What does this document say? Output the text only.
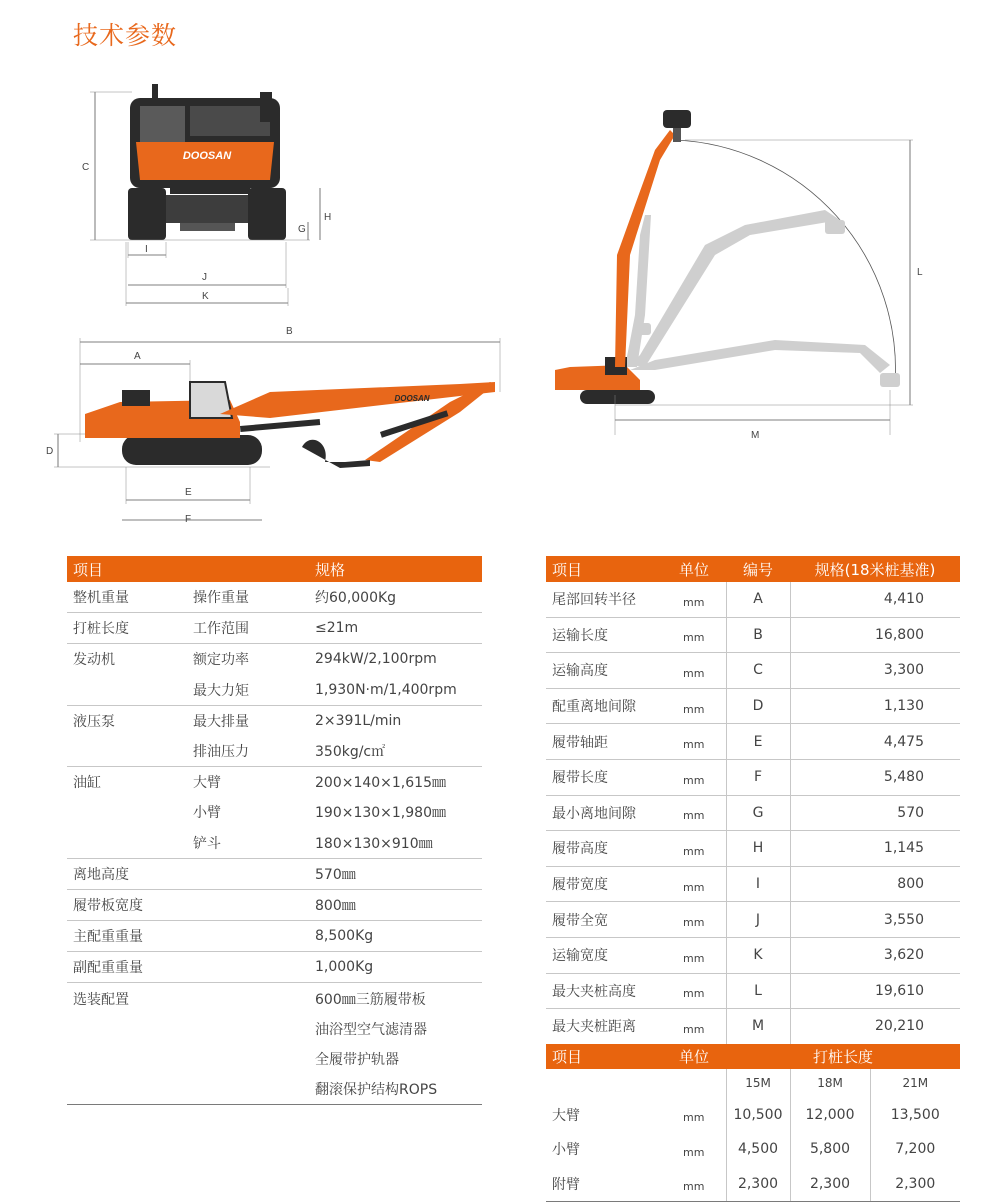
技术参数
DOOSAN
C
H
G
I
J
K
B
A
DOOSAN
D
E
F
L
M
项目		规格
整机重量	操作重量	约60,000Kg
打桩长度	工作范围	≤21m
发动机	额定功率	294kW/2,100rpm
	最大力矩	1,930N·m/1,400rpm
液压泵	最大排量	2×391L/min
	排油压力	350kg/c㎡
油缸	大臂	200×140×1,615㎜
	小臂	190×130×1,980㎜
	铲斗	180×130×910㎜
离地高度		570㎜
履带板宽度		800㎜
主配重重量		8,500Kg
副配重重量		1,000Kg
选装配置		600㎜三筋履带板
		油浴型空气滤清器
		全履带护轨器
		翻滚保护结构ROPS
项目	单位	编号	规格(18米桩基准)	
尾部回转半径	mm	A	4,410	
运输长度	mm	B	16,800	
运输高度	mm	C	3,300	
配重离地间隙	mm	D	1,130	
履带轴距	mm	E	4,475	
履带长度	mm	F	5,480	
最小离地间隙	mm	G	570	
履带高度	mm	H	1,145	
履带宽度	mm	I	800	
履带全宽	mm	J	3,550	
运输宽度	mm	K	3,620	
最大夹桩高度	mm	L	19,610	
最大夹桩距离	mm	M	20,210	
项目	单位	打桩长度		
		15M	18M	21M
大臂	mm	10,500	12,000	13,500
小臂	mm	4,500	5,800	7,200
附臂	mm	2,300	2,300	2,300
